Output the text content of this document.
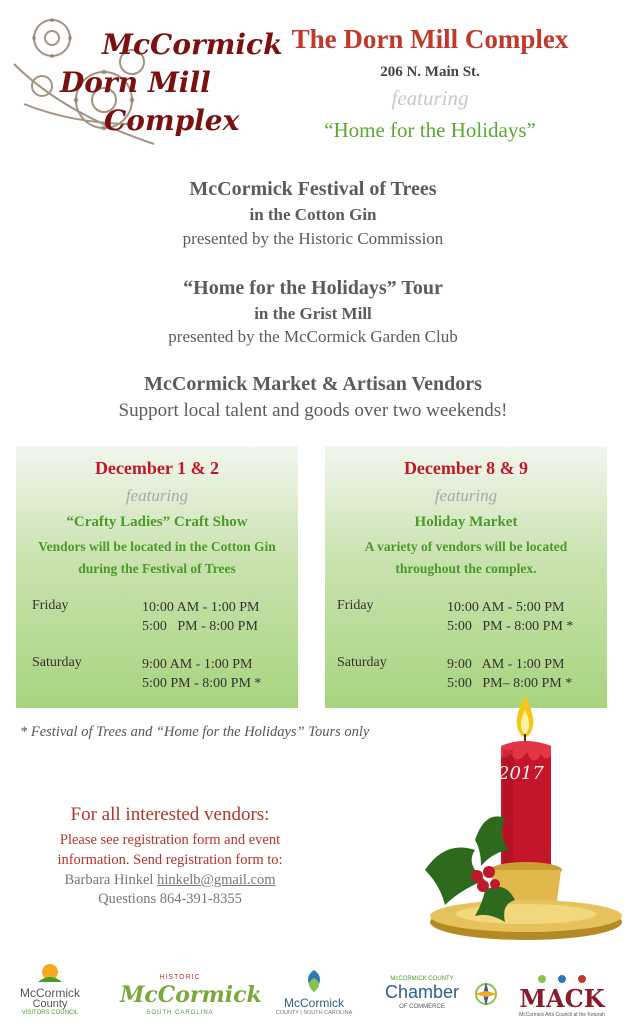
McCormick
Dorn Mill
Complex
The Dorn Mill Complex
206 N. Main St.
featuring
“Home for the Holidays”
McCormick Festival of Trees
in the Cotton Gin
presented by the Historic Commission
“Home for the Holidays” Tour
in the Grist Mill
presented by the McCormick Garden Club
McCormick Market & Artisan Vendors
Support local talent and goods over two weekends!
December 1 & 2
featuring
“Crafty Ladies” Craft Show
Vendors will be located in the Cotton Gin during the Festival of Trees
Friday	10:00 AM - 1:00 PM
5:00   PM - 8:00 PM
Saturday	9:00 AM - 1:00 PM
5:00 PM - 8:00 PM *
December 8 & 9
featuring
Holiday Market
A variety of vendors will be located throughout the complex.
Friday	10:00 AM - 5:00 PM
5:00   PM - 8:00 PM *
Saturday	9:00   AM - 1:00 PM
5:00   PM– 8:00 PM *
* Festival of Trees and “Home for the Holidays” Tours only
For all interested vendors:
Please see registration form and event
information. Send registration form to:
Barbara Hinkel hinkelb@gmail.com
Questions 864-391-8355
2017
McCormick
County
VISITORS COUNCIL
HISTORIC
McCormick
SOUTH CAROLINA
McCormick
COUNTY | SOUTH CAROLINA
McCORMICK COUNTY
Chamber
OF COMMERCE	MACK
McCormick Arts Council at the Keturah
